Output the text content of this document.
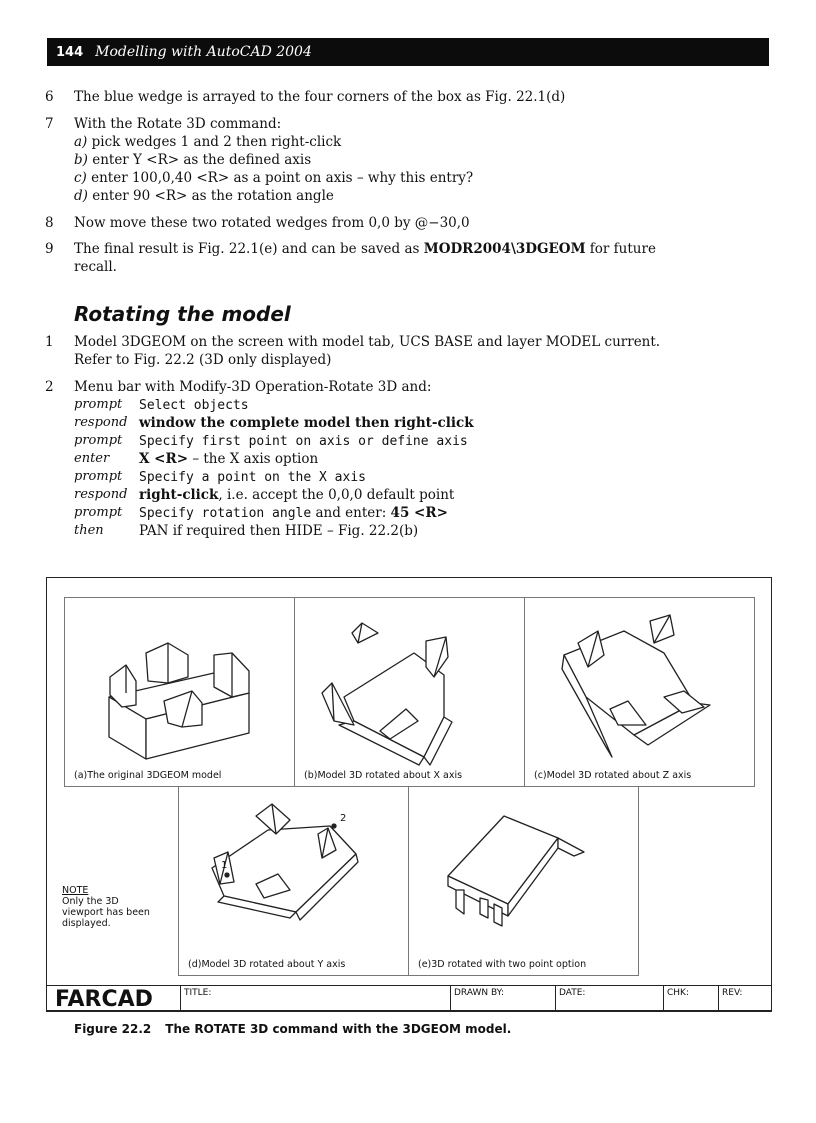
144 Modelling with AutoCAD 2004
6 The blue wedge is arrayed to the four corners of the box as Fig. 22.1(d)
7 With the Rotate 3D command:
a) pick wedges 1 and 2 then right-click
b) enter Y <R> as the defined axis
c) enter 100,0,40 <R> as a point on axis – why this entry?
d) enter 90 <R> as the rotation angle
8 Now move these two rotated wedges from 0,0 by @−30,0
9 The final result is Fig. 22.1(e) and can be saved as MODR2004\3DGEOM for future
recall.
Rotating the model
1 Model 3DGEOM on the screen with model tab, UCS BASE and layer MODEL current.
Refer to Fig. 22.2 (3D only displayed)
2 Menu bar with Modify-3D Operation-Rotate 3D and:
prompt Select objects
respond window the complete model then right-click
prompt Specify first point on axis or define axis
enter X <R> – the X axis option
prompt Specify a point on the X axis
respond right-click, i.e. accept the 0,0,0 default point
prompt Specify rotation angle and enter: 45 <R>
then	PAN if required then HIDE – Fig. 22.2(b)
(a)The original 3DGEOM model	(b)Model 3D rotated about X axis	(c)Model 3D rotated about Z axis
1
2
(d)Model 3D rotated about Y axis	(e)3D rotated with two point option
NOTE
Only the 3D
viewport has been
displayed.
FARCAD	TITLE:	DRAWN BY:	DATE:	CHK:	REV:
Figure 22.2 The ROTATE 3D command with the 3DGEOM model.
